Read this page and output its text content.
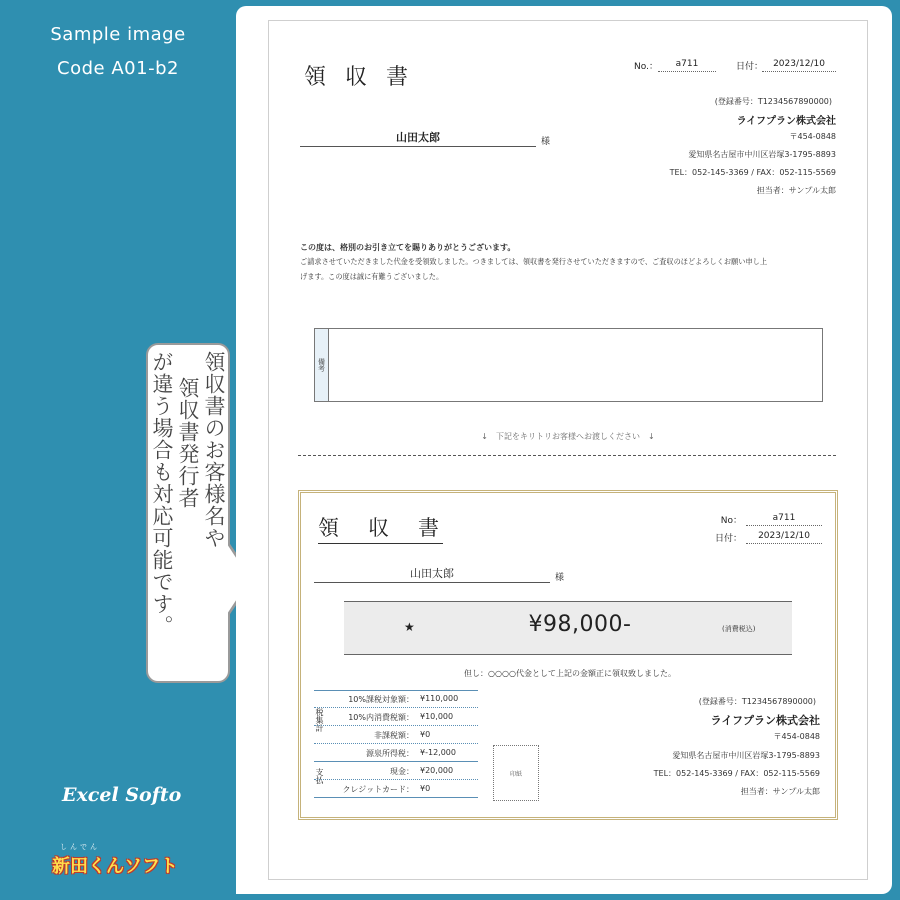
Sample image
Code A01-b2
Excel Softo
しんでん
新田くんソフト
領収書のお客様名や
領収書発行者
が違う場合も対応可能です。
領 収 書	No.：	a711	日付：	2023/12/10
山田太郎	様
(登録番号：T1234567890000)
ライフプラン株式会社
〒454-0848
愛知県名古屋市中川区岩塚3-1795-8893
TEL：052-145-3369 / FAX：052-115-5569
担当者：サンプル太郎
この度は、格別のお引き立てを賜りありがとうございます。
ご請求させていただきました代金を受領致しました。つきましては、領収書を発行させていただきますので、ご査収のほどよろしくお願い申し上
げます。この度は誠に有難うございました。
備考
↓　下記をキリトリお客様へお渡しください　↓
領　収　書	No：	a711
日付：	2023/12/10
山田太郎	様
★	¥98,000-	(消費税込)
但し：○○○○代金として上記の金額正に領収致しました。
税集計
支払
10%課税対象額： ¥110,000
10%内消費税額： ¥10,000
非課税額： ¥0
源泉所得税： ¥-12,000
現金： ¥20,000
クレジットカード： ¥0
印紙
(登録番号：T1234567890000)
ライフプラン株式会社
〒454-0848
愛知県名古屋市中川区岩塚3-1795-8893
TEL：052-145-3369 / FAX：052-115-5569
担当者：サンプル太郎
